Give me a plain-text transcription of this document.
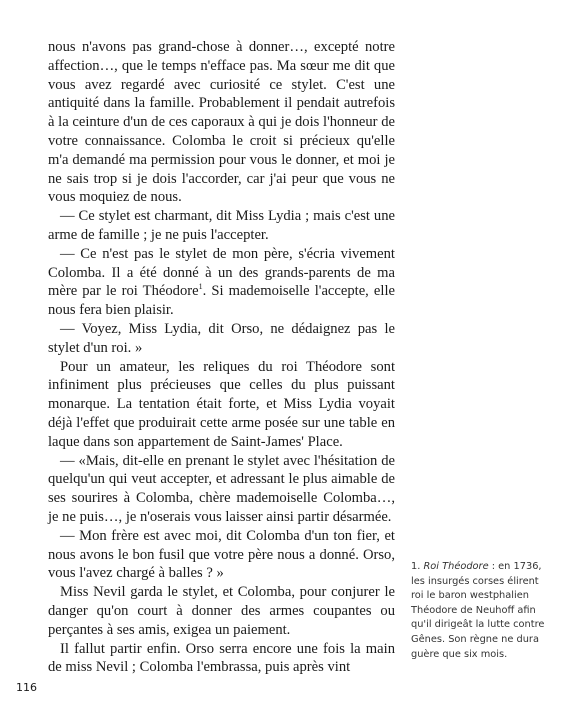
nous n'avons pas grand-chose à donner…, excepté notre affection…, que le temps n'efface pas. Ma sœur me dit que vous avez regardé avec curiosité ce stylet. C'est une antiquité dans la famille. Probablement il pendait autrefois à la ceinture d'un de ces caporaux à qui je dois l'honneur de votre connaissance. Colomba le croit si précieux qu'elle m'a demandé ma permission pour vous le donner, et moi je ne sais trop si je dois l'accorder, car j'ai peur que vous ne vous moquiez de nous.

— Ce stylet est charmant, dit Miss Lydia ; mais c'est une arme de famille ; je ne puis l'accepter.

— Ce n'est pas le stylet de mon père, s'écria vivement Colomba. Il a été donné à un des grands-parents de ma mère par le roi Théodore$^1$. Si mademoiselle l'accepte, elle nous fera bien plaisir.

— Voyez, Miss Lydia, dit Orso, ne dédaignez pas le stylet d'un roi. »

Pour un amateur, les reliques du roi Théodore sont infiniment plus précieuses que celles du plus puissant monarque. La tentation était forte, et Miss Lydia voyait déjà l'effet que produirait cette arme posée sur une table en laque dans son appartement de Saint-James' Place.

— «Mais, dit-elle en prenant le stylet avec l'hésitation de quelqu'un qui veut accepter, et adressant le plus aimable de ses sourires à Colomba, chère mademoiselle Colomba…, je ne puis…, je n'oserais vous laisser ainsi partir désarmée.

— Mon frère est avec moi, dit Colomba d'un ton fier, et nous avons le bon fusil que votre père nous a donné. Orso, vous l'avez chargé à balles ? »

Miss Nevil garda le stylet, et Colomba, pour conjurer le danger qu'on court à donner des armes coupantes ou perçantes à ses amis, exigea un paiement.

Il fallut partir enfin. Orso serra encore une fois la main de miss Nevil ; Colomba l'embrassa, puis après vint

1. Roi Théodore : en 1736, les insurgés corses élirent roi le baron westphalien Théodore de Neuhoff afin qu'il dirigeât la lutte contre Gênes. Son règne ne dura guère que six mois.
116
